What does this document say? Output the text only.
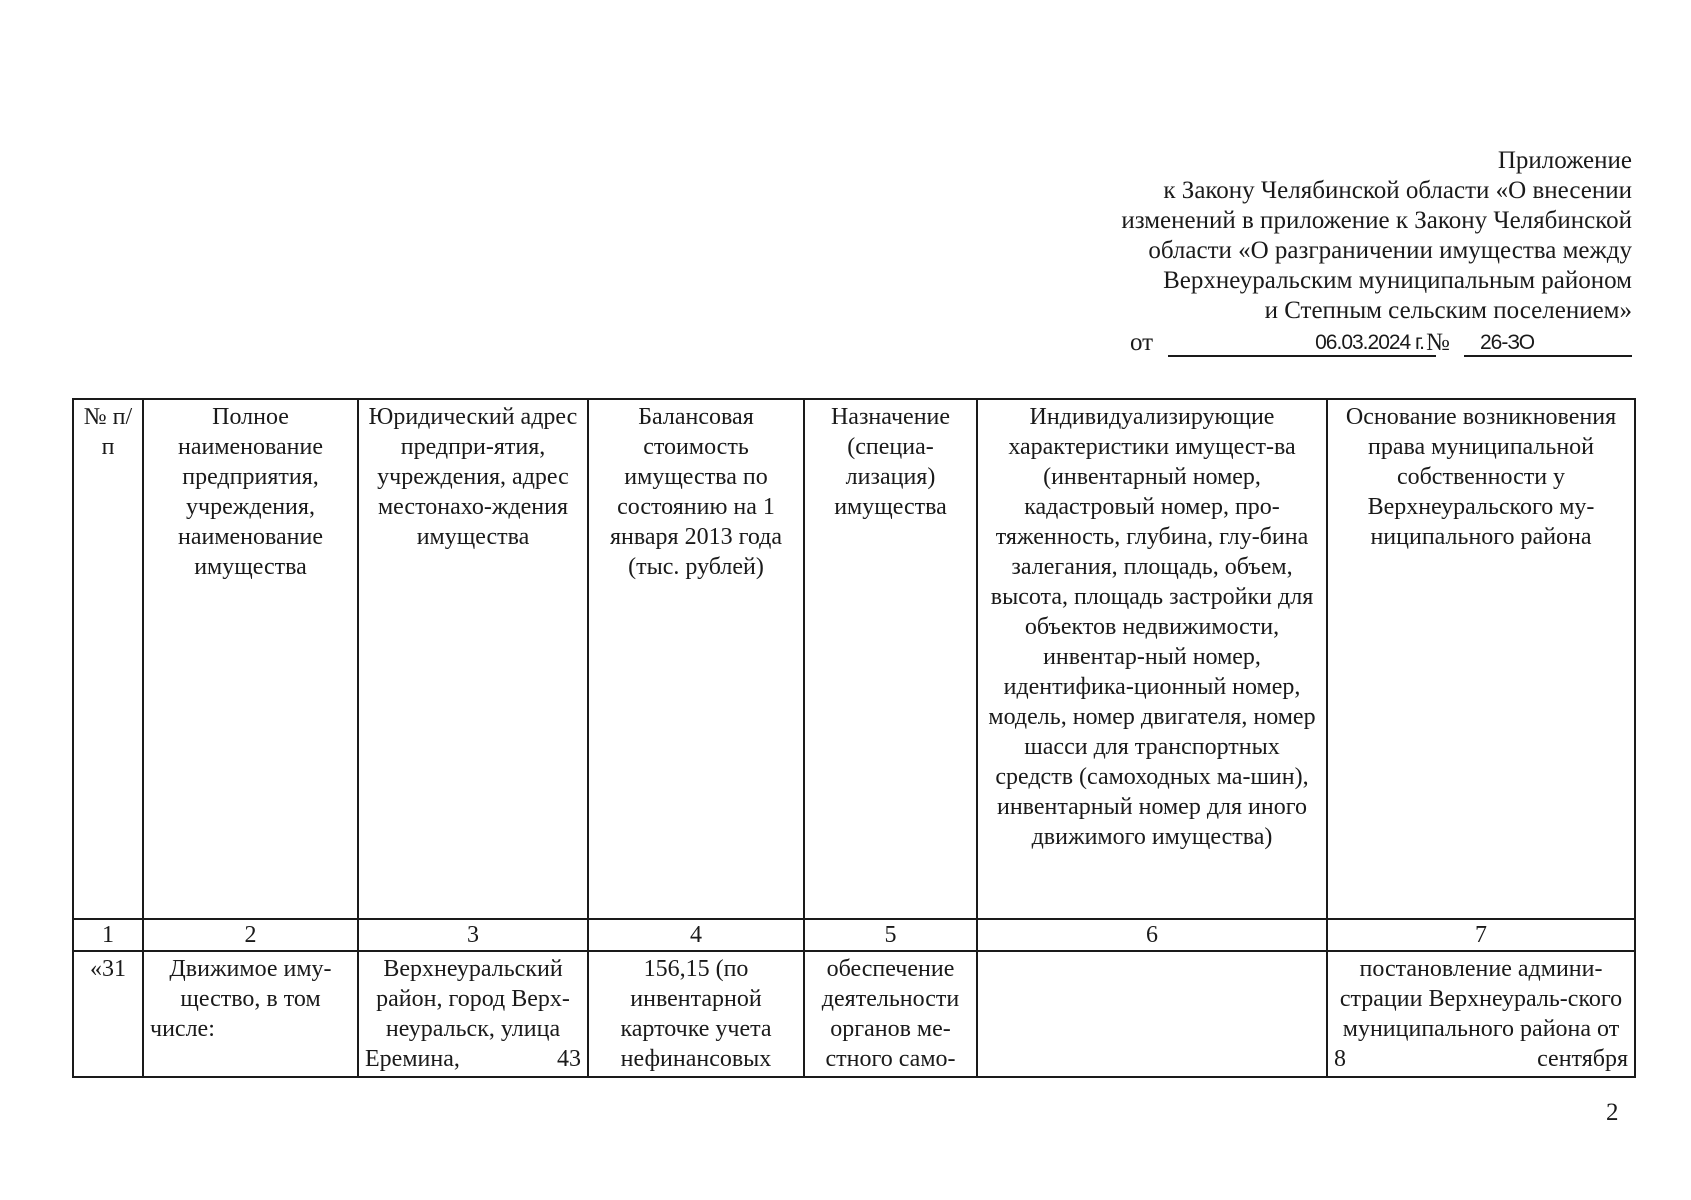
Приложение
к Закону Челябинской области «О внесении
изменений в приложение к Закону Челябинской
области «О разграничении имущества между
Верхнеуральским муниципальным районом
и Степным сельским поселением»
от	06.03.2024 г. №	26-ЗО
№ п/п	Полное наименование предприятия, учреждения, наименование имущества	Юридический адрес предпри-ятия, учреждения, адрес местонахо-ждения имущества	Балансовая стоимость имущества по состоянию на 1 января 2013 года (тыс. рублей)	Назначение (специа-лизация) имущества	Индивидуализирующие характеристики имущест-ва (инвентарный номер, кадастровый номер, про-тяженность, глубина, глу-бина залегания, площадь, объем, высота, площадь застройки для объектов недвижимости, инвентар-ный номер, идентифика-ционный номер, модель, номер двигателя, номер шасси для транспортных средств (самоходных ма-шин), инвентарный номер для иного движимого имущества)	Основание возникновения права муниципальной собственности у Верхнеуральского му-ниципального района
1	2	3	4	5	6	7
«31	Движимое иму-щество, в том числе:	Верхнеуральский район, город Верх-неуральск, улица Еремина, 43	156,15 (по инвентарной карточке учета нефинансовых	обеспечение деятельности органов ме-стного само-		постановление админи-страции Верхнеураль-ского муниципального района от 8 сентября
2
